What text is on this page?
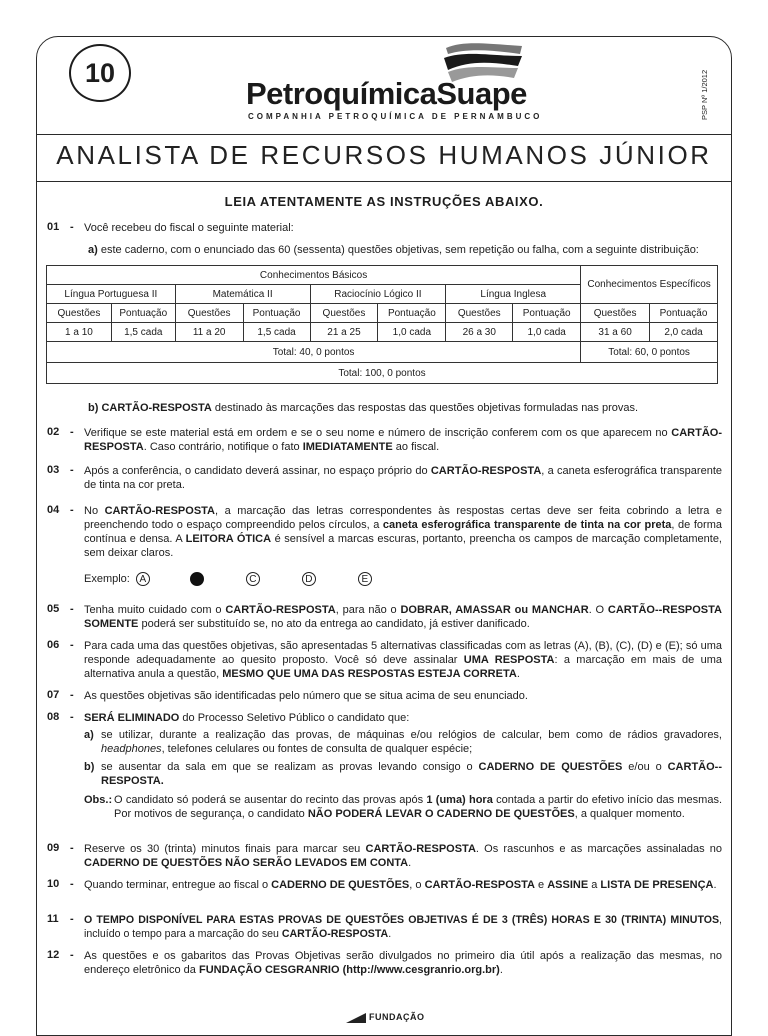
10
PetroquímicaSuape
COMPANHIA PETROQUÍMICA DE PERNAMBUCO	PSP Nº 1/2012
ANALISTA DE RECURSOS HUMANOS JÚNIOR
LEIA ATENTAMENTE AS INSTRUÇÕES ABAIXO.
01 - Você recebeu do fiscal o seguinte material:
a) este caderno, com o enunciado das 60 (sessenta) questões objetivas, sem repetição ou falha, com a seguinte distribuição:
Conhecimentos Básicos								Conhecimentos Específicos	
Língua Portuguesa II		Matemática II		Raciocínio Lógico II		Língua Inglesa			
Questões	Pontuação	Questões	Pontuação	Questões	Pontuação	Questões	Pontuação	Questões	Pontuação
1 a 10	1,5 cada	11 a 20	1,5 cada	21 a 25	1,0 cada	26 a 30	1,0 cada	31 a 60	2,0 cada
Total: 40, 0 pontos								Total: 60, 0 pontos	
Total: 100, 0 pontos									
b) CARTÃO-RESPOSTA destinado às marcações das respostas das questões objetivas formuladas nas provas.
02 - Verifique se este material está em ordem e se o seu nome e número de inscrição conferem com os que aparecem no CARTÃO-RESPOSTA. Caso contrário, notifique o fato IMEDIATAMENTE ao fiscal.
03 - Após a conferência, o candidato deverá assinar, no espaço próprio do CARTÃO-RESPOSTA, a caneta esferográfica transparente de tinta na cor preta.
04 - No CARTÃO-RESPOSTA, a marcação das letras correspondentes às respostas certas deve ser feita cobrindo a letra e preenchendo todo o espaço compreendido pelos círculos, a caneta esferográfica transparente de tinta na cor preta, de forma contínua e densa. A LEITORA ÓTICA é sensível a marcas escuras, portanto, preencha os campos de marcação completamente, sem deixar claros.
Exemplo: A	C	D	E
05 - Tenha muito cuidado com o CARTÃO-RESPOSTA, para não o DOBRAR, AMASSAR ou MANCHAR. O CARTÃO--RESPOSTA SOMENTE poderá ser substituído se, no ato da entrega ao candidato, já estiver danificado.
06 - Para cada uma das questões objetivas, são apresentadas 5 alternativas classificadas com as letras (A), (B), (C), (D) e (E); só uma responde adequadamente ao quesito proposto. Você só deve assinalar UMA RESPOSTA: a marcação em mais de uma alternativa anula a questão, MESMO QUE UMA DAS RESPOSTAS ESTEJA CORRETA.
07 - As questões objetivas são identificadas pelo número que se situa acima de seu enunciado.
08 - SERÁ ELIMINADO do Processo Seletivo Público o candidato que:
a) se utilizar, durante a realização das provas, de máquinas e/ou relógios de calcular, bem como de rádios gravadores, headphones, telefones celulares ou fontes de consulta de qualquer espécie;
b) se ausentar da sala em que se realizam as provas levando consigo o CADERNO DE QUESTÕES e/ou o CARTÃO--RESPOSTA.
Obs.: O candidato só poderá se ausentar do recinto das provas após 1 (uma) hora contada a partir do efetivo início das mesmas. Por motivos de segurança, o candidato NÃO PODERÁ LEVAR O CADERNO DE QUESTÕES, a qualquer momento.
09 - Reserve os 30 (trinta) minutos finais para marcar seu CARTÃO-RESPOSTA. Os rascunhos e as marcações assinaladas no CADERNO DE QUESTÕES NÃO SERÃO LEVADOS EM CONTA.
10 - Quando terminar, entregue ao fiscal o CADERNO DE QUESTÕES, o CARTÃO-RESPOSTA e ASSINE a LISTA DE PRESENÇA.
11 - O TEMPO DISPONÍVEL PARA ESTAS PROVAS DE QUESTÕES OBJETIVAS É DE 3 (TRÊS) HORAS E 30 (TRINTA) MINUTOS, incluído o tempo para a marcação do seu CARTÃO-RESPOSTA.
12 - As questões e os gabaritos das Provas Objetivas serão divulgados no primeiro dia útil após a realização das mesmas, no endereço eletrônico da FUNDAÇÃO CESGRANRIO (http://www.cesgranrio.org.br).
FUNDAÇÃO
